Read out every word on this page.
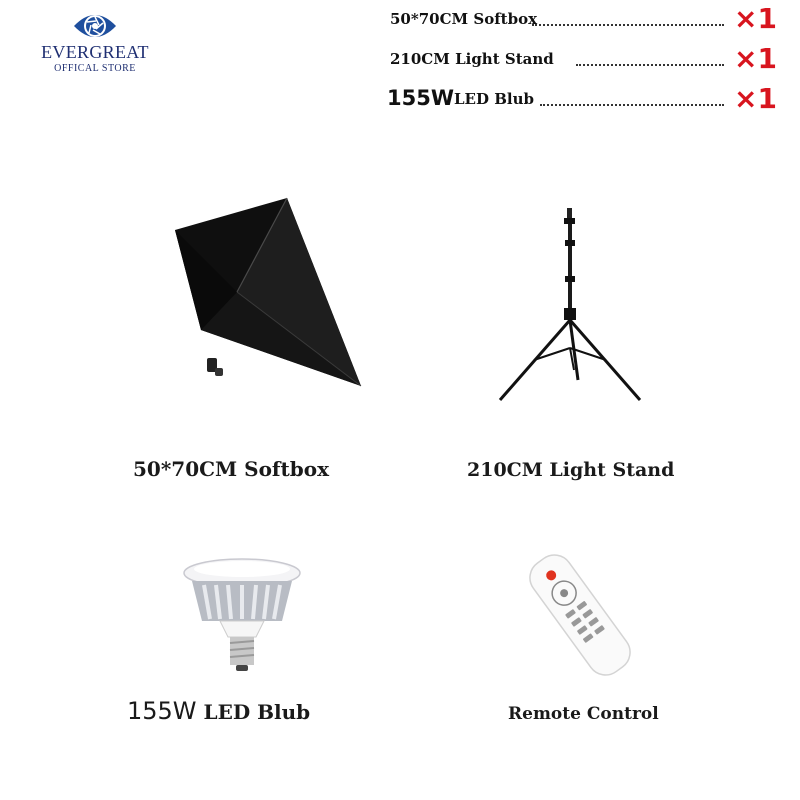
EVERGREAT
OFFICAL STORE
50*70CM Softbox	×1
210CM Light Stand	×1
155W LED Blub	×1
50*70CM Softbox	210CM Light Stand
155W LED Blub	Remote Control
